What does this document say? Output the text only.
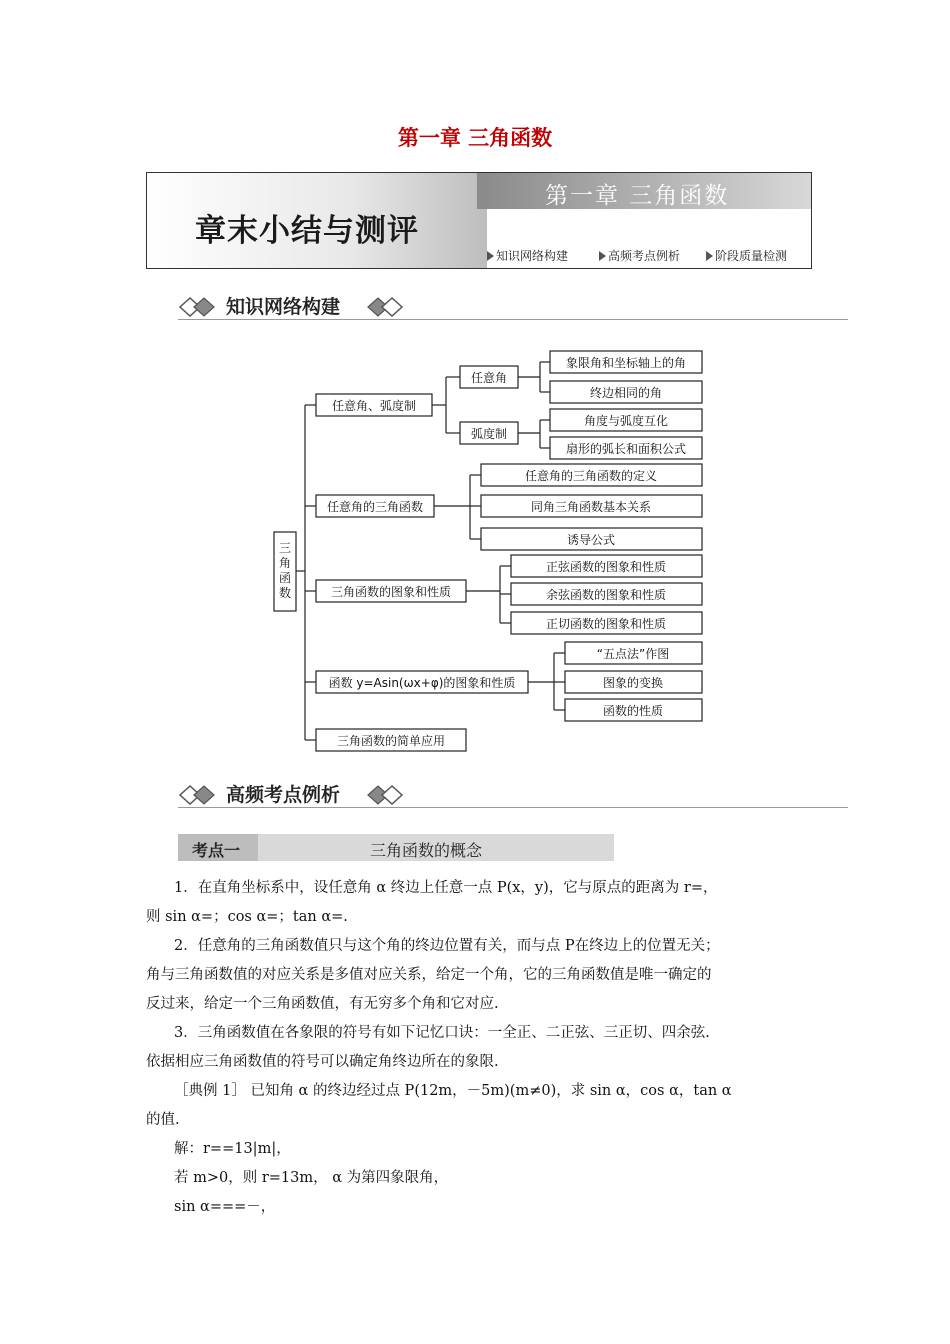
第一章 三角函数
第一章 三角函数
章末小结与测评
知识网络构建	高频考点例析	阶段质量检测
知识网络构建
三角函数
任意角、弧度制
任意角的三角函数
三角函数的图象和性质
函数 y=Asin(ωx+φ)的图象和性质
三角函数的简单应用
任意角
弧度制
象限角和坐标轴上的角
终边相同的角
角度与弧度互化
扇形的弧长和面积公式
任意角的三角函数的定义
同角三角函数基本关系
诱导公式
正弦函数的图象和性质
余弦函数的图象和性质
正切函数的图象和性质
“五点法”作图
图象的变换
函数的性质
高频考点例析
考点一	三角函数的概念
1．在直角坐标系中，设任意角 α 终边上任意一点 P(x，y)，它与原点的距离为 r=，
则 sin α=；cos α=；tan α=.
2．任意角的三角函数值只与这个角的终边位置有关，而与点 P在终边上的位置无关；
角与三角函数值的对应关系是多值对应关系，给定一个角，它的三角函数值是唯一确定的
反过来，给定一个三角函数值，有无穷多个角和它对应.
3．三角函数值在各象限的符号有如下记忆口诀：一全正、二正弦、三正切、四余弦.
依据相应三角函数值的符号可以确定角终边所在的象限.
［典例 1］ 已知角 α 的终边经过点 P(12m，－5m)(m≠0)，求 sin α，cos α，tan α
的值.
解：r==13|m|，
若 m>0，则 r=13m， α 为第四象限角，
sin α===－，
